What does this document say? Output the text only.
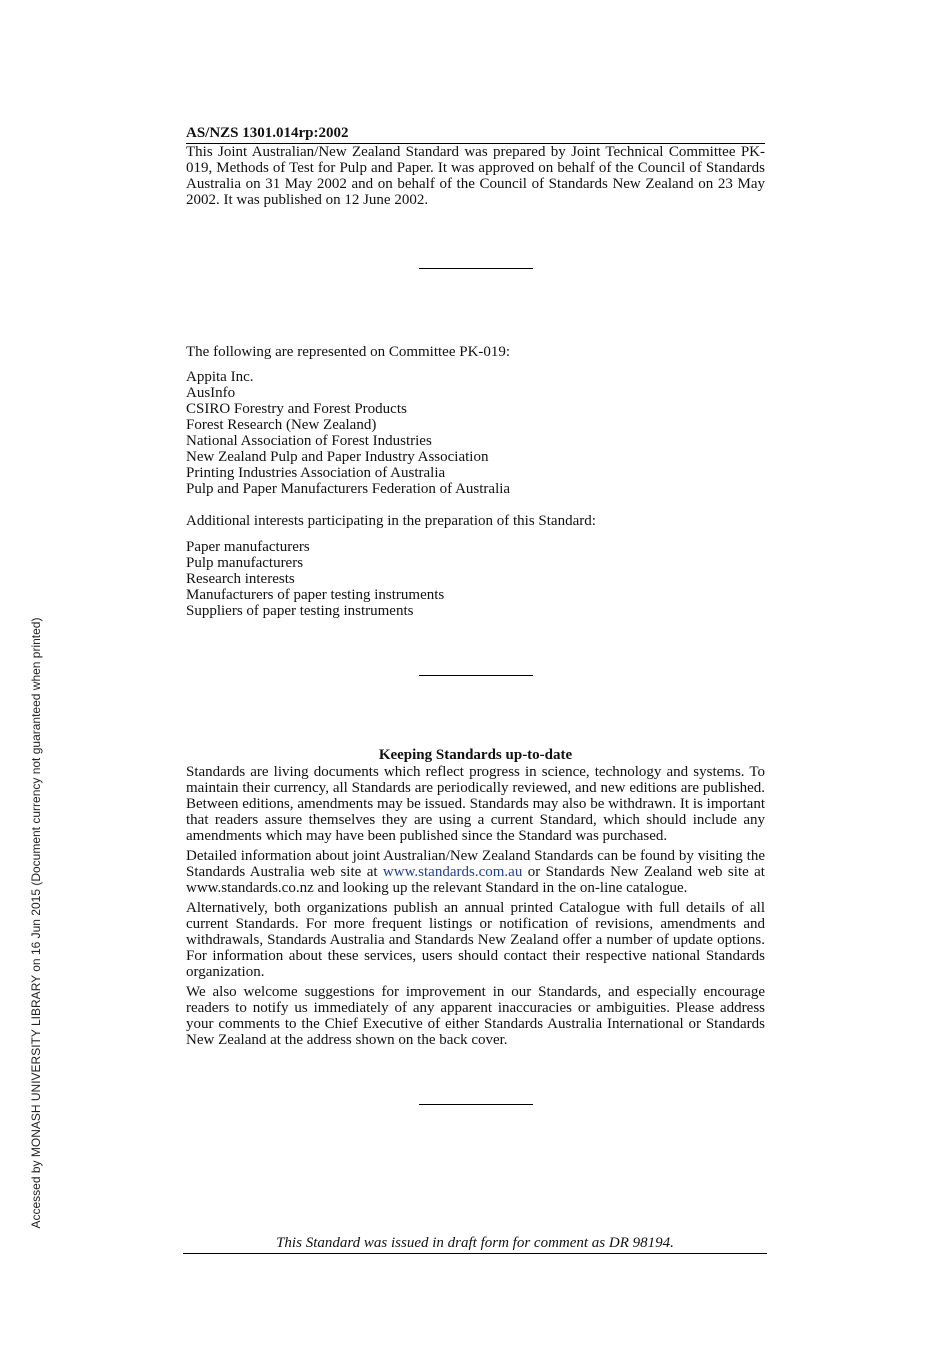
Accessed by MONASH UNIVERSITY LIBRARY on 16 Jun 2015 (Document currency not guaranteed when printed)

AS/NZS 1301.014rp:2002

This Joint Australian/New Zealand Standard was prepared by Joint Technical Committee PK-019, Methods of Test for Pulp and Paper. It was approved on behalf of the Council of Standards Australia on 31 May 2002 and on behalf of the Council of Standards New Zealand on 23 May 2002. It was published on 12 June 2002.

The following are represented on Committee PK-019:

Appita Inc.
AusInfo
CSIRO Forestry and Forest Products
Forest Research (New Zealand)
National Association of Forest Industries
New Zealand Pulp and Paper Industry Association
Printing Industries Association of Australia
Pulp and Paper Manufacturers Federation of Australia

Additional interests participating in the preparation of this Standard:

Paper manufacturers
Pulp manufacturers
Research interests
Manufacturers of paper testing instruments
Suppliers of paper testing instruments

Keeping Standards up-to-date

Standards are living documents which reflect progress in science, technology and systems. To maintain their currency, all Standards are periodically reviewed, and new editions are published. Between editions, amendments may be issued. Standards may also be withdrawn. It is important that readers assure themselves they are using a current Standard, which should include any amendments which may have been published since the Standard was purchased.

Detailed information about joint Australian/New Zealand Standards can be found by visiting the Standards Australia web site at www.standards.com.au or Standards New Zealand web site at www.standards.co.nz and looking up the relevant Standard in the on-line catalogue.

Alternatively, both organizations publish an annual printed Catalogue with full details of all current Standards. For more frequent listings or notification of revisions, amendments and withdrawals, Standards Australia and Standards New Zealand offer a number of update options. For information about these services, users should contact their respective national Standards organization.

We also welcome suggestions for improvement in our Standards, and especially encourage readers to notify us immediately of any apparent inaccuracies or ambiguities. Please address your comments to the Chief Executive of either Standards Australia International or Standards New Zealand at the address shown on the back cover.

This Standard was issued in draft form for comment as DR 98194.
